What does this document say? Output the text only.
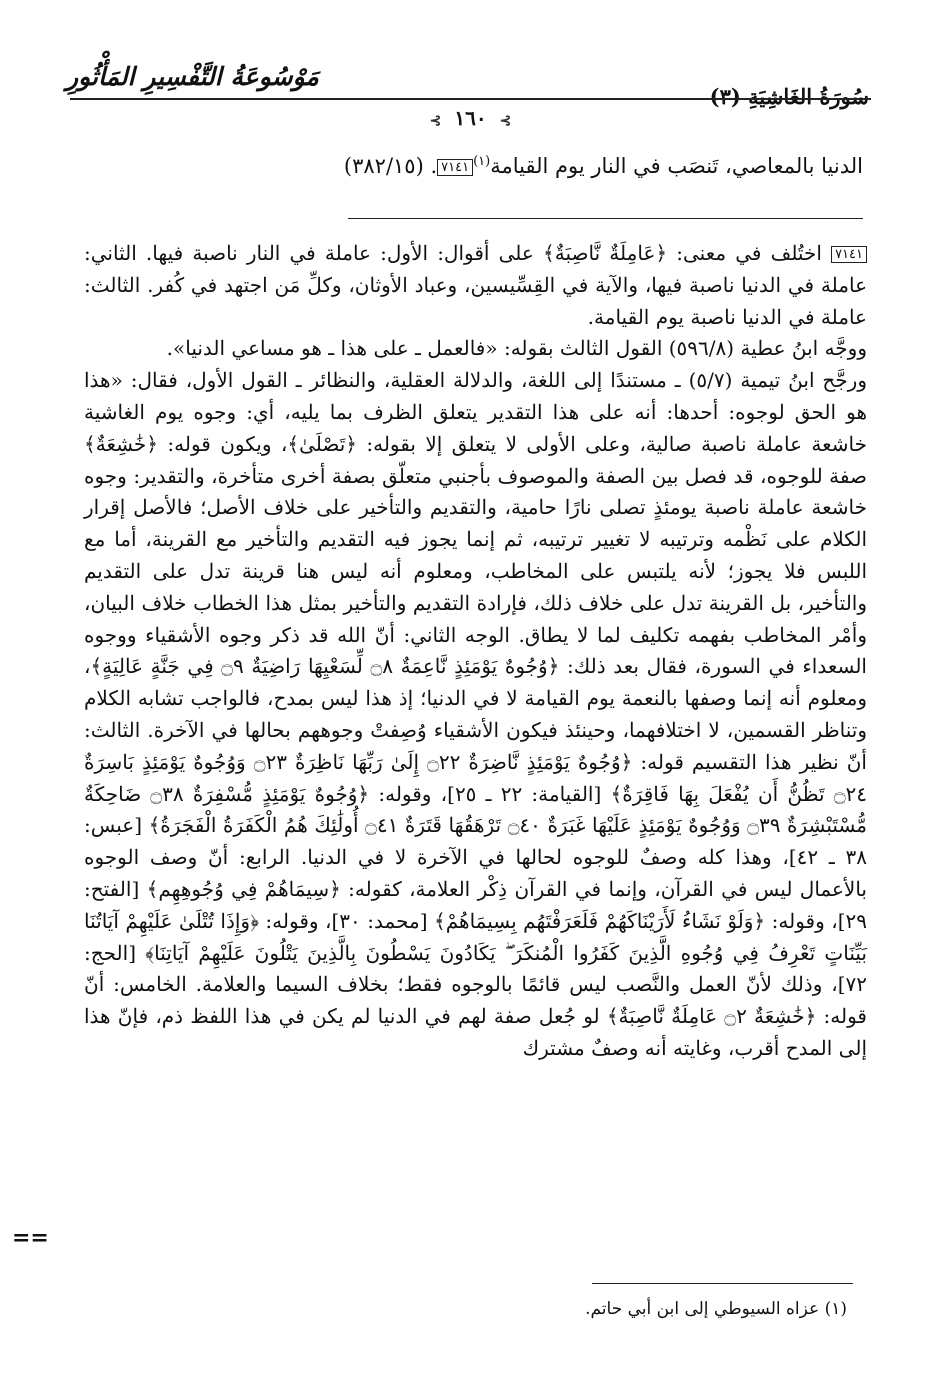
سُورَةُ الغَاشِيَةِ (٣)
مَوْسُوعَةُ التَّفْسِيرِ المَأْثُورِ
⊱ ١٦٠ ⊱
الدنيا بالمعاصي، تَنصَب في النار يوم القيامة$^{(١)}$٧١٤١. (٣٨٢/١٥)

٧١٤١ اختُلف في معنى: ﴿عَامِلَةٌ نَّاصِبَةٌ﴾ على أقوال: الأول: عاملة في النار ناصبة فيها. الثاني: عاملة في الدنيا ناصبة فيها، والآية في القِسِّيسين، وعباد الأوثان، وكلِّ مَن اجتهد في كُفر. الثالث: عاملة في الدنيا ناصبة يوم القيامة.

ووجَّه ابنُ عطية (٥٩٦/٨) القول الثالث بقوله: «فالعمل ـ على هذا ـ هو مساعي الدنيا».

ورجَّح ابنُ تيمية (٥/٧) ـ مستندًا إلى اللغة، والدلالة العقلية، والنظائر ـ القول الأول، فقال: «هذا هو الحق لوجوه: أحدها: أنه على هذا التقدير يتعلق الظرف بما يليه، أي: وجوه يوم الغاشية خاشعة عاملة ناصبة صالية، وعلى الأولى لا يتعلق إلا بقوله: ﴿تَصْلَىٰ﴾، ويكون قوله: ﴿خَٰشِعَةٌ﴾ صفة للوجوه، قد فصل بين الصفة والموصوف بأجنبي متعلّق بصفة أخرى متأخرة، والتقدير: وجوه خاشعة عاملة ناصبة يومئذٍ تصلى نارًا حامية، والتقديم والتأخير على خلاف الأصل؛ فالأصل إقرار الكلام على نَظْمه وترتيبه لا تغيير ترتيبه، ثم إنما يجوز فيه التقديم والتأخير مع القرينة، أما مع اللبس فلا يجوز؛ لأنه يلتبس على المخاطب، ومعلوم أنه ليس هنا قرينة تدل على التقديم والتأخير، بل القرينة تدل على خلاف ذلك، فإرادة التقديم والتأخير بمثل هذا الخطاب خلاف البيان، وأمْر المخاطب بفهمه تكليف لما لا يطاق. الوجه الثاني: أنّ الله قد ذكر وجوه الأشقياء ووجوه السعداء في السورة، فقال بعد ذلك: ﴿وُجُوهٌ يَوْمَئِذٍ نَّاعِمَةٌ ۝٨ لِّسَعْيِهَا رَاضِيَةٌ ۝٩ فِي جَنَّةٍ عَالِيَةٍ﴾، ومعلوم أنه إنما وصفها بالنعمة يوم القيامة لا في الدنيا؛ إذ هذا ليس بمدح، فالواجب تشابه الكلام وتناظر القسمين، لا اختلافهما، وحينئذ فيكون الأشقياء وُصِفتْ وجوههم بحالها في الآخرة. الثالث: أنّ نظير هذا التقسيم قوله: ﴿وُجُوهٌ يَوْمَئِذٍ نَّاضِرَةٌ ۝٢٢ إِلَىٰ رَبِّهَا نَاظِرَةٌ ۝٢٣ وَوُجُوهٌ يَوْمَئِذٍ بَاسِرَةٌ ۝٢٤ تَظُنُّ أَن يُفْعَلَ بِهَا فَاقِرَةٌ﴾ [القيامة: ٢٢ ـ ٢٥]، وقوله: ﴿وُجُوهٌ يَوْمَئِذٍ مُّسْفِرَةٌ ۝٣٨ ضَاحِكَةٌ مُّسْتَبْشِرَةٌ ۝٣٩ وَوُجُوهٌ يَوْمَئِذٍ عَلَيْهَا غَبَرَةٌ ۝٤٠ تَرْهَقُهَا قَتَرَةٌ ۝٤١ أُولَٰئِكَ هُمُ الْكَفَرَةُ الْفَجَرَةُ﴾ [عبس: ٣٨ ـ ٤٢]، وهذا كله وصفٌ للوجوه لحالها في الآخرة لا في الدنيا. الرابع: أنّ وصف الوجوه بالأعمال ليس في القرآن، وإنما في القرآن ذِكْر العلامة، كقوله: ﴿سِيمَاهُمْ فِي وُجُوهِهِم﴾ [الفتح: ٢٩]، وقوله: ﴿وَلَوْ نَشَاءُ لَأَرَيْنَاكَهُمْ فَلَعَرَفْتَهُم بِسِيمَاهُمْ﴾ [محمد: ٣٠]، وقوله: ﴿وَإِذَا تُتْلَىٰ عَلَيْهِمْ آيَاتُنَا بَيِّنَاتٍ تَعْرِفُ فِي وُجُوهِ الَّذِينَ كَفَرُوا الْمُنكَرَ ۖ يَكَادُونَ يَسْطُونَ بِالَّذِينَ يَتْلُونَ عَلَيْهِمْ آيَاتِنَا﴾ [الحج: ٧٢]، وذلك لأنّ العمل والنَّصب ليس قائمًا بالوجوه فقط؛ بخلاف السيما والعلامة. الخامس: أنّ قوله: ﴿خَٰشِعَةٌ ۝٢ عَامِلَةٌ نَّاصِبَةٌ﴾ لو جُعل صفة لهم في الدنيا لم يكن في هذا اللفظ ذم، فإنّ هذا إلى المدح أقرب، وغايته أنه وصفٌ مشترك

==
(١) عزاه السيوطي إلى ابن أبي حاتم.
